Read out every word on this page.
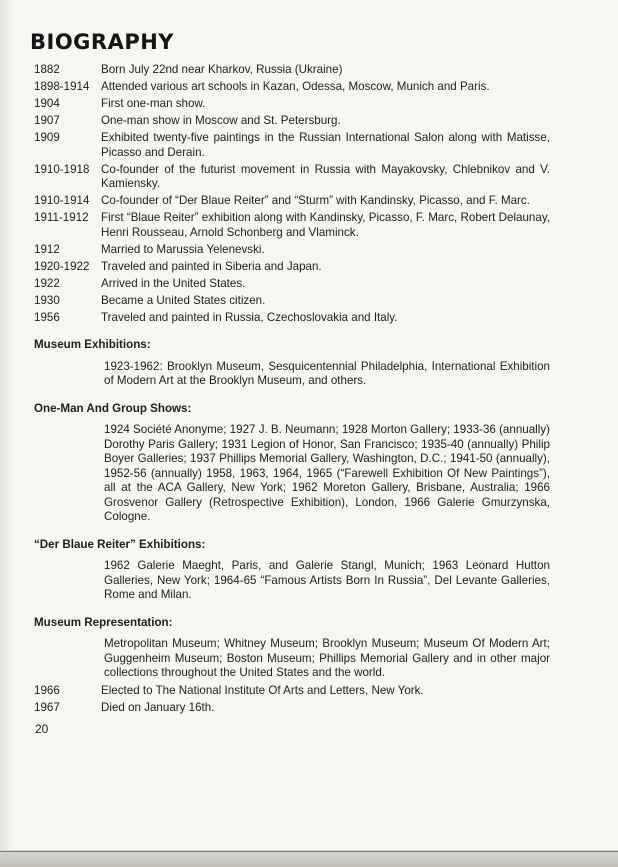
BIOGRAPHY
1882	Born July 22nd near Kharkov, Russia (Ukraine)
1898-1914 Attended various art schools in Kazan, Odessa, Moscow, Munich and Paris.
1904	First one-man show.
1907	One-man show in Moscow and St. Petersburg.
1909	Exhibited twenty-five paintings in the Russian International Salon along with Matisse, Picasso and Derain.
1910-1918 Co-founder of the futurist movement in Russia with Mayakovsky, Chlebnikov and V. Kamiensky.
1910-1914 Co-founder of “Der Blaue Reiter” and “Sturm” with Kandinsky, Picasso, and F. Marc.
1911-1912	First “Blaue Reiter” exhibition along with Kandinsky, Picasso, F. Marc, Robert Delaunay, Henri Rousseau, Arnold Schonberg and Vlaminck.
1912	Married to Marussia Yelenevski.
1920-1922 Traveled and painted in Siberia and Japan.
1922	Arrived in the United States.
1930	Became a United States citizen.
1956	Traveled and painted in Russia, Czechoslovakia and Italy.

Museum Exhibitions:

1923-1962: Brooklyn Museum, Sesquicentennial Philadelphia, International Exhibition of Modern Art at the Brooklyn Museum, and others.

One-Man And Group Shows:

1924 Société Anonyme; 1927 J. B. Neumann; 1928 Morton Gallery; 1933-36 (annually) Dorothy Paris Gallery; 1931 Legion of Honor, San Francisco; 1935-40 (annually) Philip Boyer Galleries; 1937 Phillips Memorial Gallery, Washington, D.C.; 1941-50 (annually), 1952-56 (annually) 1958, 1963, 1964, 1965 (“Farewell Exhibition Of New Paintings”), all at the ACA Gallery, New York; 1962 Moreton Gallery, Brisbane, Australia; 1966 Grosvenor Gallery (Retrospective Exhibition), London, 1966 Galerie Gmurzynska, Cologne.

“Der Blaue Reiter” Exhibitions:

1962 Galerie Maeght, Paris, and Galerie Stangl, Munich; 1963 Leonard Hutton Galleries, New York; 1964-65 “Famous Artists Born In Russia”, Del Levante Galleries, Rome and Milan.

Museum Representation:

Metropolitan Museum; Whitney Museum; Brooklyn Museum; Museum Of Modern Art; Guggenheim Museum; Boston Museum; Phillips Memorial Gallery and in other major collections throughout the United States and the world.

1966	Elected to The National Institute Of Arts and Letters, New York.
1967	Died on January 16th.
20
